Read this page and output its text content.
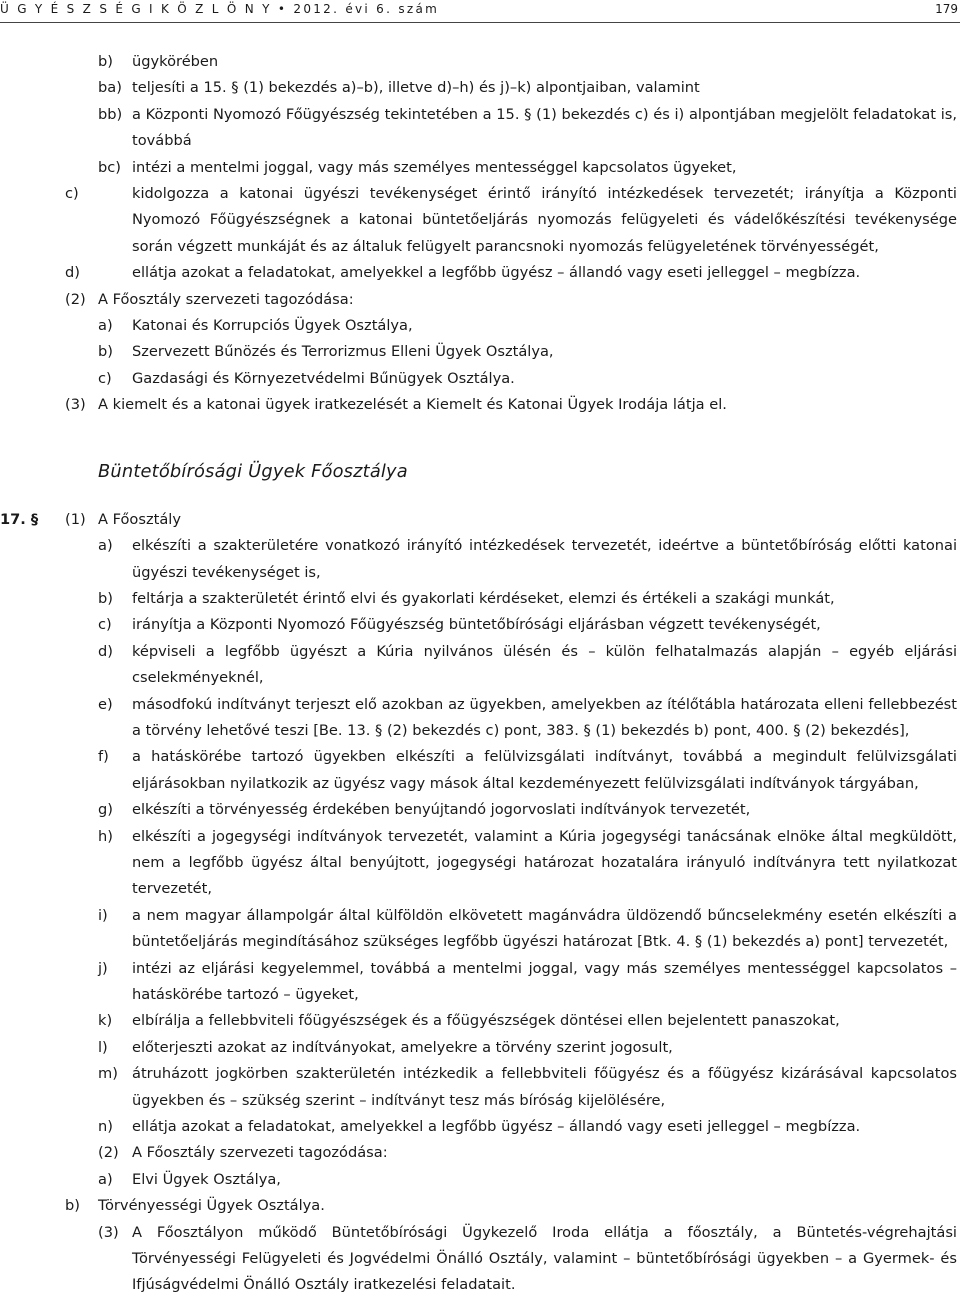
Ü G Y É S Z S É G I K Ö Z L Ö N Y • 2012. évi 6. szám	179
b) ügykörében
ba) teljesíti a 15. § (1) bekezdés a)–b), illetve d)–h) és j)–k) alpontjaiban, valamint
bb) a Központi Nyomozó Főügyészség tekintetében a 15. § (1) bekezdés c) és i) alpontjában megjelölt feladatokat is, továbbá
bc) intézi a mentelmi joggal, vagy más személyes mentességgel kapcsolatos ügyeket,
c)	kidolgozza a katonai ügyészi tevékenységet érintő irányító intézkedések tervezetét; irányítja a Központi Nyomozó Főügyészségnek a katonai büntetőeljárás nyomozás felügyeleti és vádelőkészítési tevékenysége során végzett munkáját és az általuk felügyelt parancsnoki nyomozás felügyeletének törvényességét,
d)	ellátja azokat a feladatokat, amelyekkel a legfőbb ügyész – állandó vagy eseti jelleggel – megbízza.
(2) A Főosztály szervezeti tagozódása:
a) Katonai és Korrupciós Ügyek Osztálya,
b) Szervezett Bűnözés és Terrorizmus Elleni Ügyek Osztálya,
c) Gazdasági és Környezetvédelmi Bűnügyek Osztálya.
(3) A kiemelt és a katonai ügyek iratkezelését a Kiemelt és Katonai Ügyek Irodája látja el.
Büntetőbírósági Ügyek Főosztálya
17. § (1) A Főosztály
a) elkészíti a szakterületére vonatkozó irányító intézkedések tervezetét, ideértve a büntetőbíróság előtti katonai ügyészi tevékenységet is,
b) feltárja a szakterületét érintő elvi és gyakorlati kérdéseket, elemzi és értékeli a szakági munkát,
c) irányítja a Központi Nyomozó Főügyészség büntetőbírósági eljárásban végzett tevékenységét,
d) képviseli a legfőbb ügyészt a Kúria nyilvános ülésén és – külön felhatalmazás alapján – egyéb eljárási cselekményeknél,
e) másodfokú indítványt terjeszt elő azokban az ügyekben, amelyekben az ítélőtábla határozata elleni fellebbezést a törvény lehetővé teszi [Be. 13. § (2) bekezdés c) pont, 383. § (1) bekezdés b) pont, 400. § (2) bekezdés],
f) a hatáskörébe tartozó ügyekben elkészíti a felülvizsgálati indítványt, továbbá a megindult felülvizsgálati eljárásokban nyilatkozik az ügyész vagy mások által kezdeményezett felülvizsgálati indítványok tárgyában,
g) elkészíti a törvényesség érdekében benyújtandó jogorvoslati indítványok tervezetét,
h) elkészíti a jogegységi indítványok tervezetét, valamint a Kúria jogegységi tanácsának elnöke által megküldött, nem a legfőbb ügyész által benyújtott, jogegységi határozat hozatalára irányuló indítványra tett nyilatkozat tervezetét,
i) a nem magyar állampolgár által külföldön elkövetett magánvádra üldözendő bűncselekmény esetén elkészíti a büntetőeljárás megindításához szükséges legfőbb ügyészi határozat [Btk. 4. § (1) bekezdés a) pont] tervezetét,
j) intézi az eljárási kegyelemmel, továbbá a mentelmi joggal, vagy más személyes mentességgel kapcsolatos – hatáskörébe tartozó – ügyeket,
k) elbírálja a fellebbviteli főügyészségek és a főügyészségek döntései ellen bejelentett panaszokat,
l) előterjeszti azokat az indítványokat, amelyekre a törvény szerint jogosult,
m) átruházott jogkörben szakterületén intézkedik a fellebbviteli főügyész és a főügyész kizárásával kapcsolatos ügyekben és – szükség szerint – indítványt tesz más bíróság kijelölésére,
n) ellátja azokat a feladatokat, amelyekkel a legfőbb ügyész – állandó vagy eseti jelleggel – megbízza.
(2) A Főosztály szervezeti tagozódása:
a) Elvi Ügyek Osztálya,
b) Törvényességi Ügyek Osztálya.
(3) A Főosztályon működő Büntetőbírósági Ügykezelő Iroda ellátja a főosztály, a Büntetés-végrehajtási Törvényességi Felügyeleti és Jogvédelmi Önálló Osztály, valamint – büntetőbírósági ügyekben – a Gyermek- és Ifjúságvédelmi Önálló Osztály iratkezelési feladatait.
